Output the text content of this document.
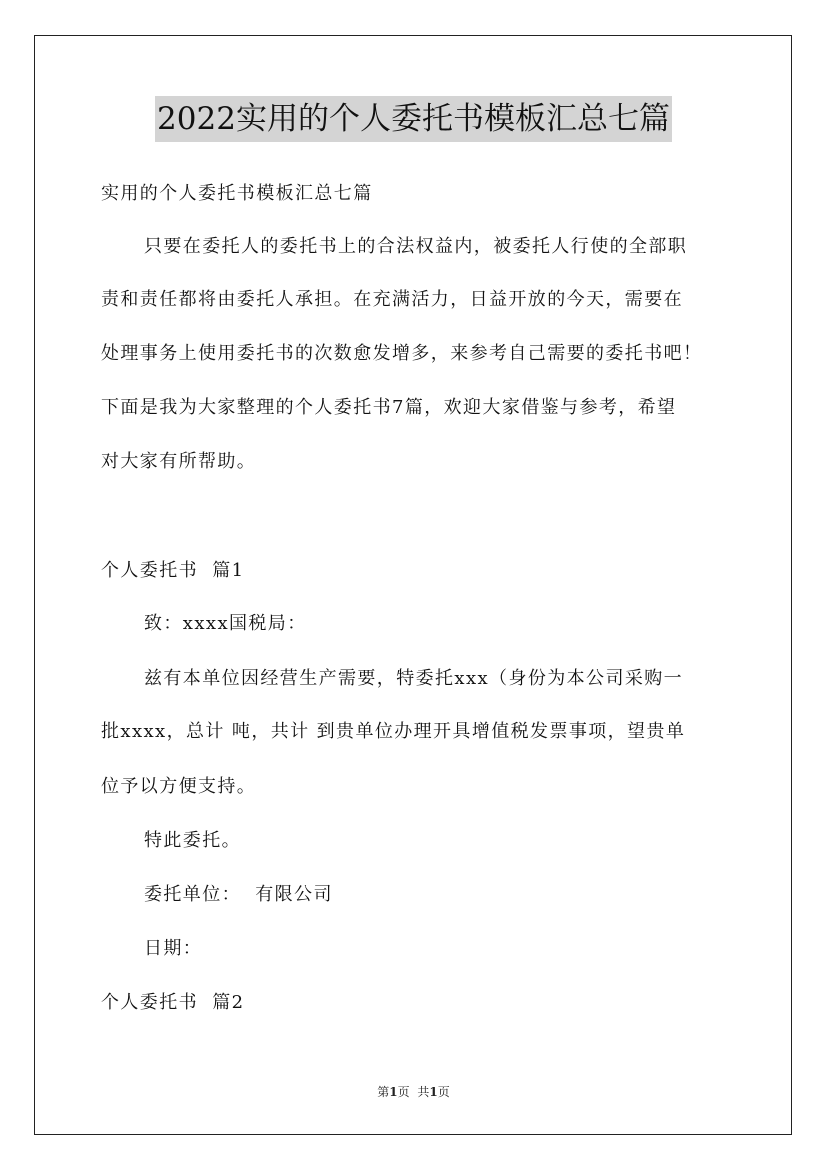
2022实用的个人委托书模板汇总七篇

实用的个人委托书模板汇总七篇

只要在委托人的委托书上的合法权益内，被委托人行使的全部职

责和责任都将由委托人承担。在充满活力，日益开放的今天，需要在

处理事务上使用委托书的次数愈发增多，来参考自己需要的委托书吧！

下面是我为大家整理的个人委托书7篇，欢迎大家借鉴与参考，希望

对大家有所帮助。

个人委托书  篇1

致：xxxx国税局：

兹有本单位因经营生产需要，特委托xxx（身份为本公司采购一

批xxxx，总计 吨，共计 到贵单位办理开具增值税发票事项，望贵单

位予以方便支持。

特此委托。

委托单位：  有限公司

日期：

个人委托书  篇2

第1页 共1页
